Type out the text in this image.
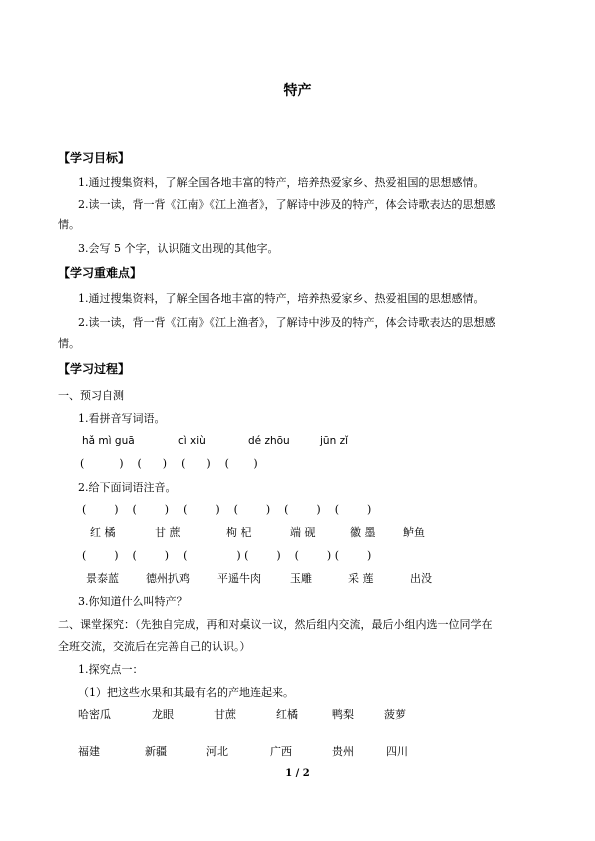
特产
【学习目标】
1.通过搜集资料，了解全国各地丰富的特产，培养热爱家乡、热爱祖国的思想感情。
2.读一读，背一背《江南》《江上渔者》，了解诗中涉及的特产，体会诗歌表达的思想感
情。
3.会写 5 个字，认识随文出现的其他字。
【学习重难点】
1.通过搜集资料，了解全国各地丰富的特产，培养热爱家乡、热爱祖国的思想感情。
2.读一读，背一背《江南》《江上渔者》，了解诗中涉及的特产，体会诗歌表达的思想感
情。
【学习过程】
一、预习自测
1.看拼音写词语。
hǎ mì guā	cì xiù	dé zhōu	jūn zǐ
(          )    (      )    (      )    (       )
2.给下面词语注音。
(        )    (        )    (        )    (        )    (        )    (        )
红 橘	甘 蔗	枸 杞	端 砚	徽 墨	鲈鱼
(        )    (        )    (              ) (        )    (        ) (        )
景泰蓝 德州扒鸡 平遥牛肉	玉雕	采 莲	出没
3.你知道什么叫特产？
二、课堂探究：（先独自完成，再和对桌议一议，然后组内交流，最后小组内选一位同学在
全班交流，交流后在完善自己的认识。）
1.探究点一：
（1）把这些水果和其最有名的产地连起来。
哈密瓜	龙眼	甘蔗	红橘	鸭梨	菠萝
福建	新疆	河北	广西	贵州	四川
1 / 2
